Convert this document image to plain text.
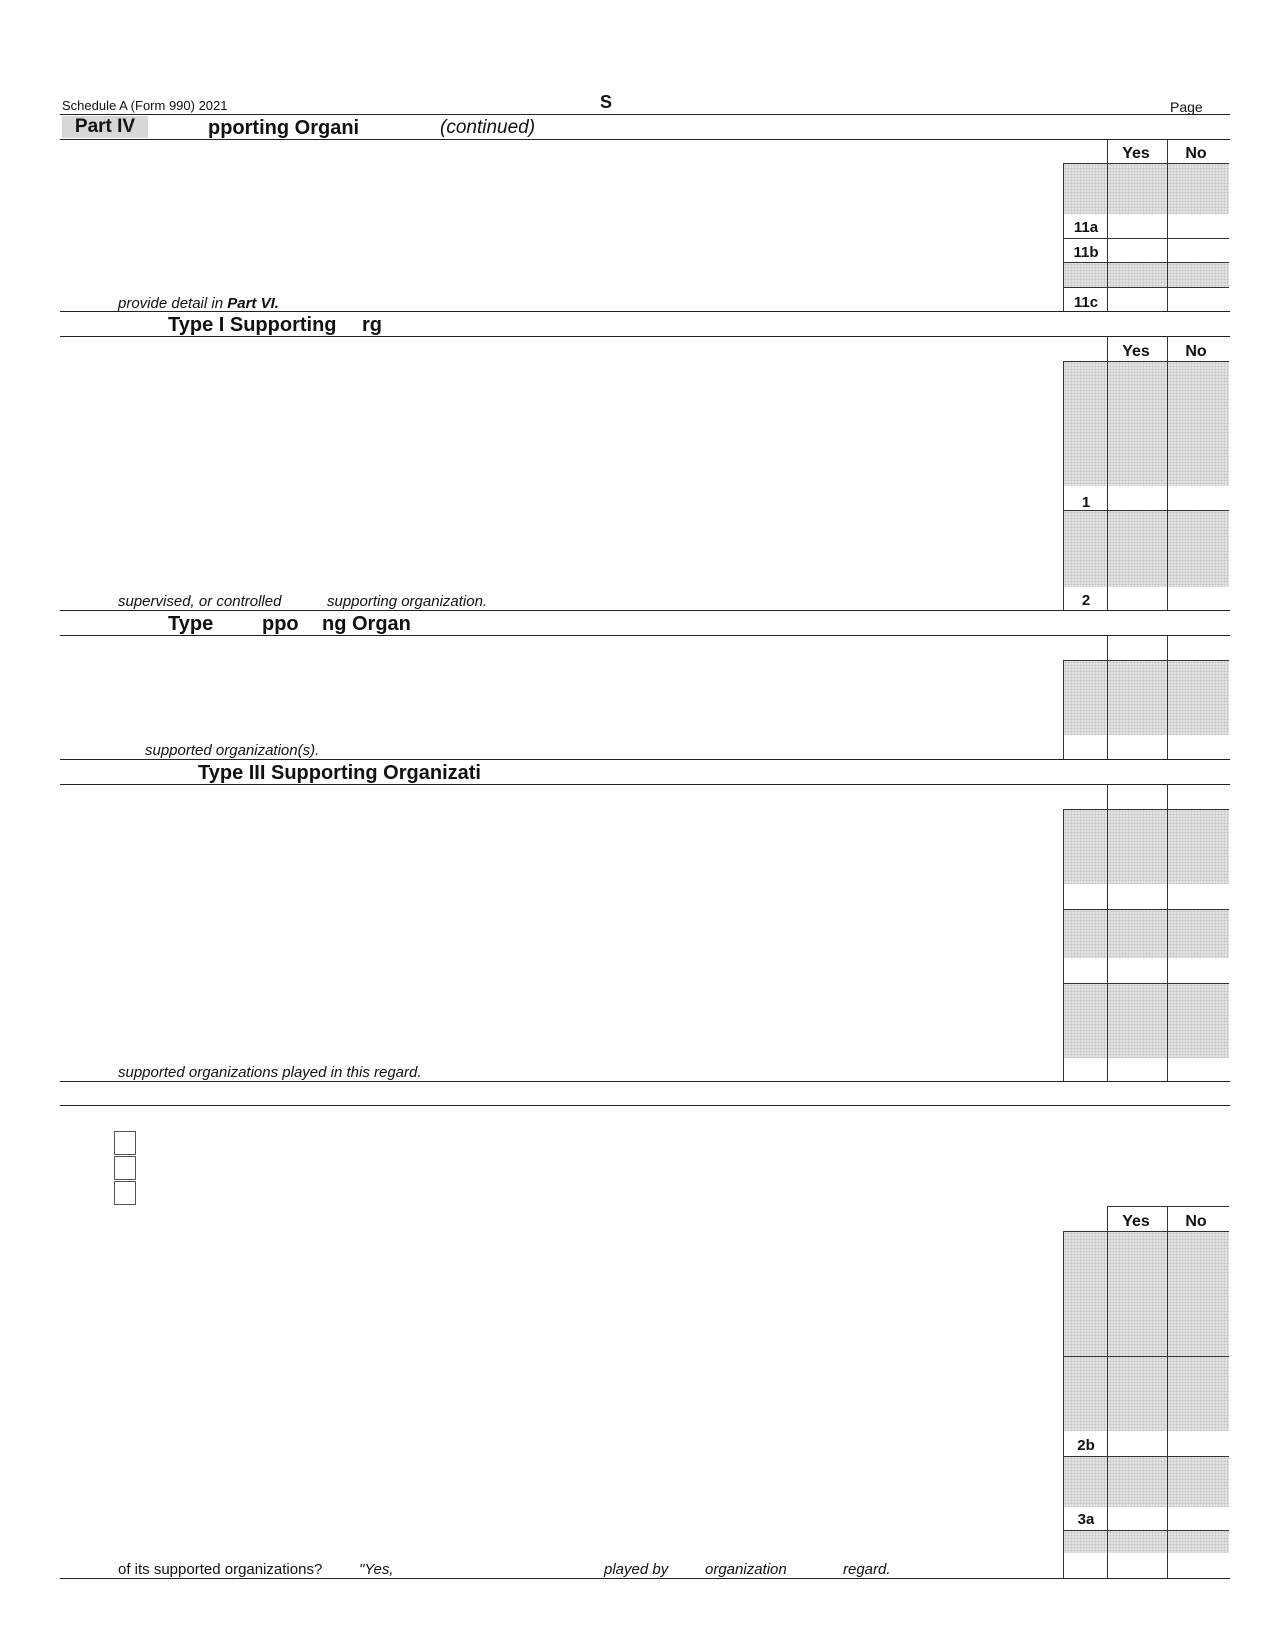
Schedule A (Form 990) 2021	S	Page
Part IV	pporting Organi	(continued)
Yes	No
11a
11b
11c
provide detail in Part VI.
Type I Supporting rg
Yes	No
1
2
supervised, or controlled	supporting organization.
Type ppo ng Organ
supported organization(s).
Type III Supporting Organizati
supported organizations played in this regard.
Yes	No
2b
3a
of its supported organizations? "Yes,	played by organization	regard.
